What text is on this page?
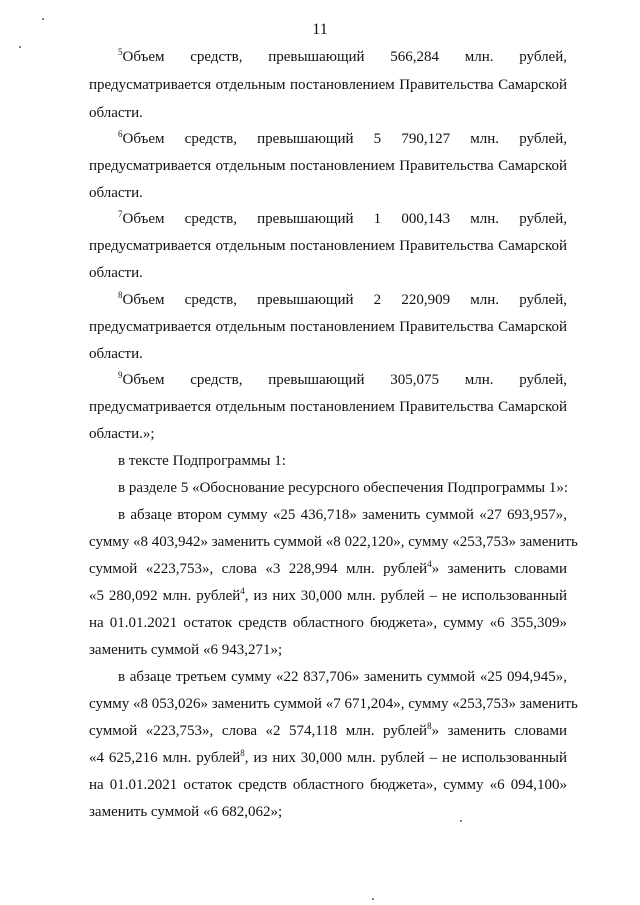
11
$^5$Объем средств, превышающий 566,284 млн. рублей,
предусматривается отдельным постановлением Правительства Самарской
области.
$^6$Объем средств, превышающий 5 790,127 млн. рублей,
предусматривается отдельным постановлением Правительства Самарской
области.
$^7$Объем средств, превышающий 1 000,143 млн. рублей,
предусматривается отдельным постановлением Правительства Самарской
области.
$^8$Объем средств, превышающий 2 220,909 млн. рублей,
предусматривается отдельным постановлением Правительства Самарской
области.
$^9$Объем средств, превышающий 305,075 млн. рублей,
предусматривается отдельным постановлением Правительства Самарской
области.»;
в тексте Подпрограммы 1:
в разделе 5 «Обоснование ресурсного обеспечения Подпрограммы 1»:
в абзаце втором сумму «25 436,718» заменить суммой «27 693,957»,
сумму «8 403,942» заменить суммой «8 022,120», сумму «253,753» заменить
суммой «223,753», слова «3 228,994 млн. рублей$^4$» заменить словами
«5 280,092 млн. рублей$^4$, из них 30,000 млн. рублей – не использованный
на 01.01.2021 остаток средств областного бюджета», сумму «6 355,309»
заменить суммой «6 943,271»;
в абзаце третьем сумму «22 837,706» заменить суммой «25 094,945»,
сумму «8 053,026» заменить суммой «7 671,204», сумму «253,753» заменить
суммой «223,753», слова «2 574,118 млн. рублей$^8$» заменить словами
«4 625,216 млн. рублей$^8$, из них 30,000 млн. рублей – не использованный
на 01.01.2021 остаток средств областного бюджета», сумму «6 094,100»
заменить суммой «6 682,062»;
